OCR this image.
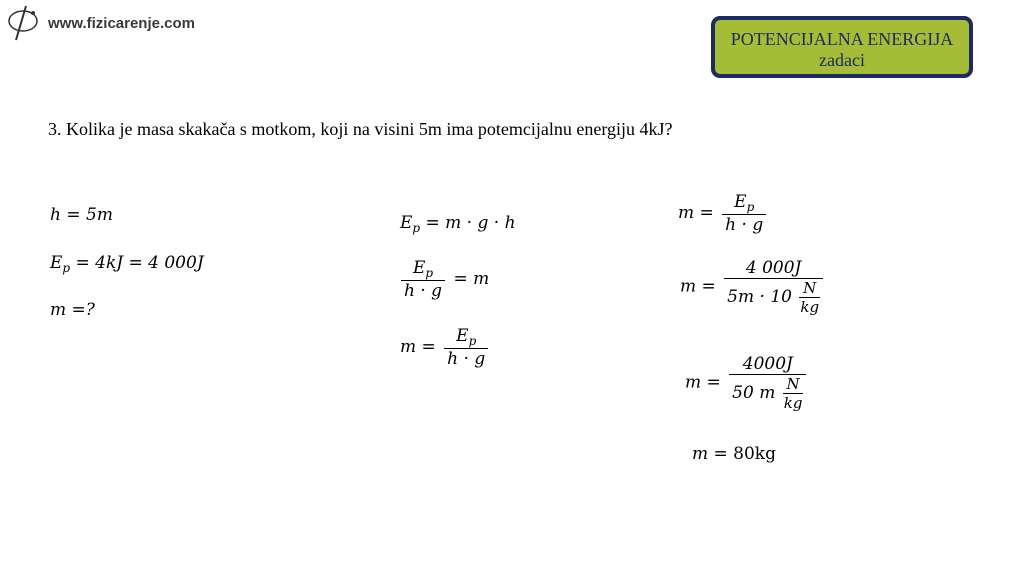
www.fizicarenje.com
POTENCIJALNA ENERGIJA
zadaci
3. Kolika je masa skakača s motkom, koji na visini 5m ima potemcijalnu energiju 4kJ?
h = 5m
$E_p = 4kJ = 4$ 000J
m =?
$E_p = m \cdot g \cdot h$
$\frac{E_p}{h \cdot g} = m$
$m = \frac{E_p}{h \cdot g}$
$m = \frac{E_p}{h \cdot g}$
$m = \frac{4 000J}{5m \cdot 10 \frac{N}{kg}}$
$m = \frac{4000J}{50 m \frac{N}{kg}}$
m = 80kg
